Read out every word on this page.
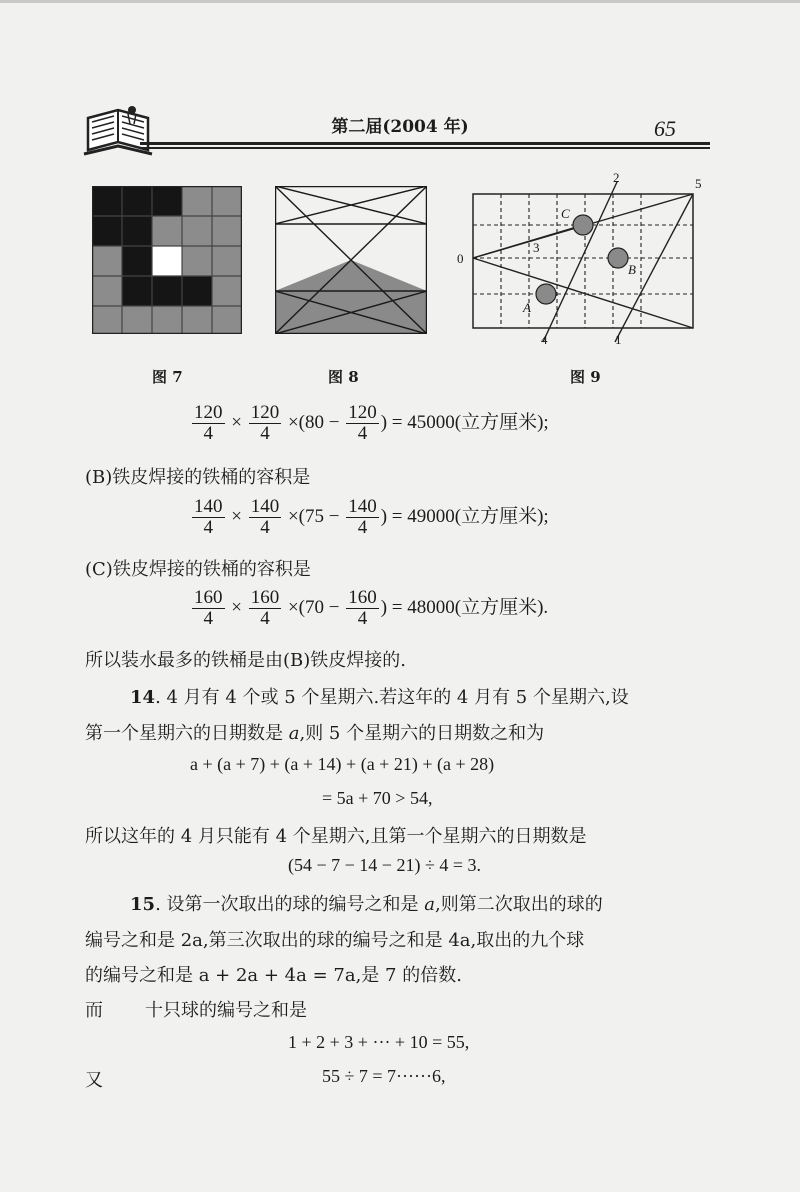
第二届(2004 年)	65
图 7	图 8
2	5
C
3
0
B
A
4	1
图 9
$\frac{120}{4} \times \frac{120}{4} \times(80 - \frac{120}{4}$ ) = 45000(立方厘米);
(B)铁皮焊接的铁桶的容积是
$\frac{140}{4} \times \frac{140}{4} \times(75 - \frac{140}{4}$ ) = 49000(立方厘米);
(C)铁皮焊接的铁桶的容积是
$\frac{160}{4} \times \frac{160}{4} \times(70 - \frac{160}{4}$ ) = 48000(立方厘米).
所以装水最多的铁桶是由(B)铁皮焊接的.
14. 4 月有 4 个或 5 个星期六.若这年的 4 月有 5 个星期六,设
第一个星期六的日期数是 a,则 5 个星期六的日期数之和为
a + (a + 7) + (a + 14) + (a + 21) + (a + 28)
= 5a + 70 > 54,
所以这年的 4 月只能有 4 个星期六,且第一个星期六的日期数是
(54 − 7 − 14 − 21) ÷ 4 = 3.
15. 设第一次取出的球的编号之和是 a,则第二次取出的球的
编号之和是 2a,第三次取出的球的编号之和是 4a,取出的九个球
的编号之和是 a + 2a + 4a = 7a,是 7 的倍数.
而 十只球的编号之和是
1 + 2 + 3 + ··· + 10 = 55,
又	55 ÷ 7 = 7······6,
